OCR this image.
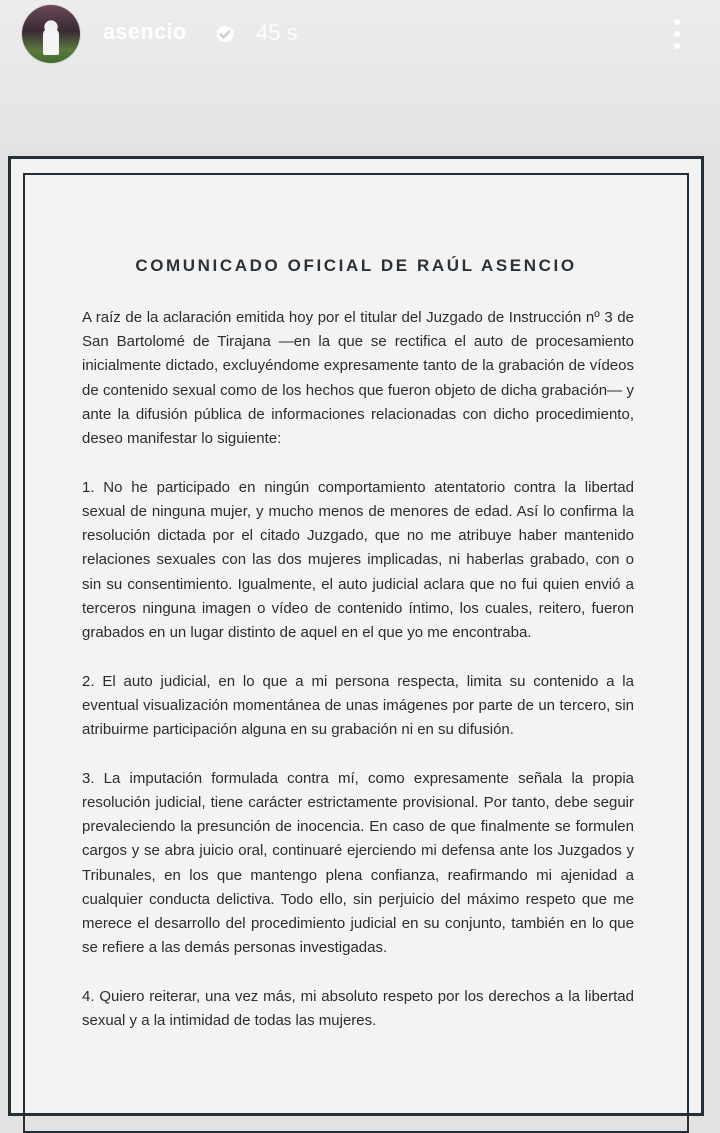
asencio	45 s
COMUNICADO OFICIAL DE RAÚL ASENCIO

A raíz de la aclaración emitida hoy por el titular del Juzgado de Instrucción nº 3 de San Bartolomé de Tirajana —en la que se rectifica el auto de procesamiento inicialmente dictado, excluyéndome expresamente tanto de la grabación de vídeos de contenido sexual como de los hechos que fueron objeto de dicha grabación— y ante la difusión pública de informaciones relacionadas con dicho procedimiento, deseo manifestar lo siguiente:

1. No he participado en ningún comportamiento atentatorio contra la libertad sexual de ninguna mujer, y mucho menos de menores de edad. Así lo confirma la resolución dictada por el citado Juzgado, que no me atribuye haber mantenido relaciones sexuales con las dos mujeres implicadas, ni haberlas grabado, con o sin su consentimiento. Igualmente, el auto judicial aclara que no fui quien envió a terceros ninguna imagen o vídeo de contenido íntimo, los cuales, reitero, fueron grabados en un lugar distinto de aquel en el que yo me encontraba.

2. El auto judicial, en lo que a mi persona respecta, limita su contenido a la eventual visualización momentánea de unas imágenes por parte de un tercero, sin atribuirme participación alguna en su grabación ni en su difusión.

3. La imputación formulada contra mí, como expresamente señala la propia resolución judicial, tiene carácter estrictamente provisional. Por tanto, debe seguir prevaleciendo la presunción de inocencia. En caso de que finalmente se formulen cargos y se abra juicio oral, continuaré ejerciendo mi defensa ante los Juzgados y Tribunales, en los que mantengo plena confianza, reafirmando mi ajenidad a cualquier conducta delictiva. Todo ello, sin perjuicio del máximo respeto que me merece el desarrollo del procedimiento judicial en su conjunto, también en lo que se refiere a las demás personas investigadas.

4. Quiero reiterar, una vez más, mi absoluto respeto por los derechos a la libertad sexual y a la intimidad de todas las mujeres.
